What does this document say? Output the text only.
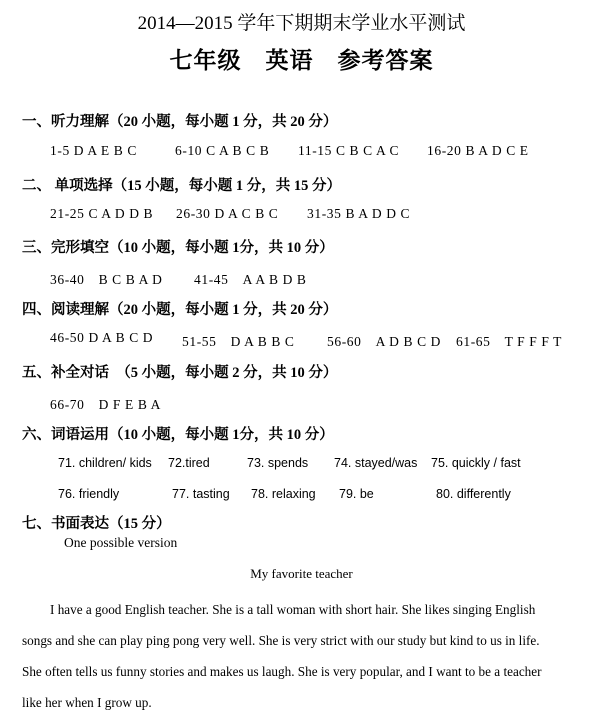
2014—2015 学年下期期末学业水平测试
七年级　英语　参考答案
一、听力理解（20 小题，每小题 1 分，共 20 分）
1-5 D A E B C	6-10 C A B C B 11-15 C B C A C 16-20 B A D C E
二、 单项选择（15 小题，每小题 1 分，共 15 分）
21-25 C A D D B 26-30 D A C B C 31-35 B A D D C
三、完形填空（10 小题，每小题 1分，共 10 分）
36-40　B C B A D 41-45　A A B D B
四、阅读理解（20 小题，每小题 1 分，共 20 分）
46-50 D A B C D 51-55　D A B B C 56-60　A D B C D 61-65　T F F F T
五、补全对话　（5 小题，每小题 2 分，共 10 分）
66-70　D F E B A
六、词语运用（10 小题，每小题 1分，共 10 分）
71. children/ kids 72.tired	73. spends 74. stayed/was 75. quickly / fast
76. friendly	77. tasting 78. relaxing 79. be	80. differently
七、书面表达（15 分）
One possible version
My favorite teacher
I have a good English teacher. She is a tall woman with short hair. She likes singing English
songs and she can play ping pong very well. She is very strict with our study but kind to us in life.
She often tells us funny stories and makes us laugh. She is very popular, and I want to be a teacher
like her when I grow up.
